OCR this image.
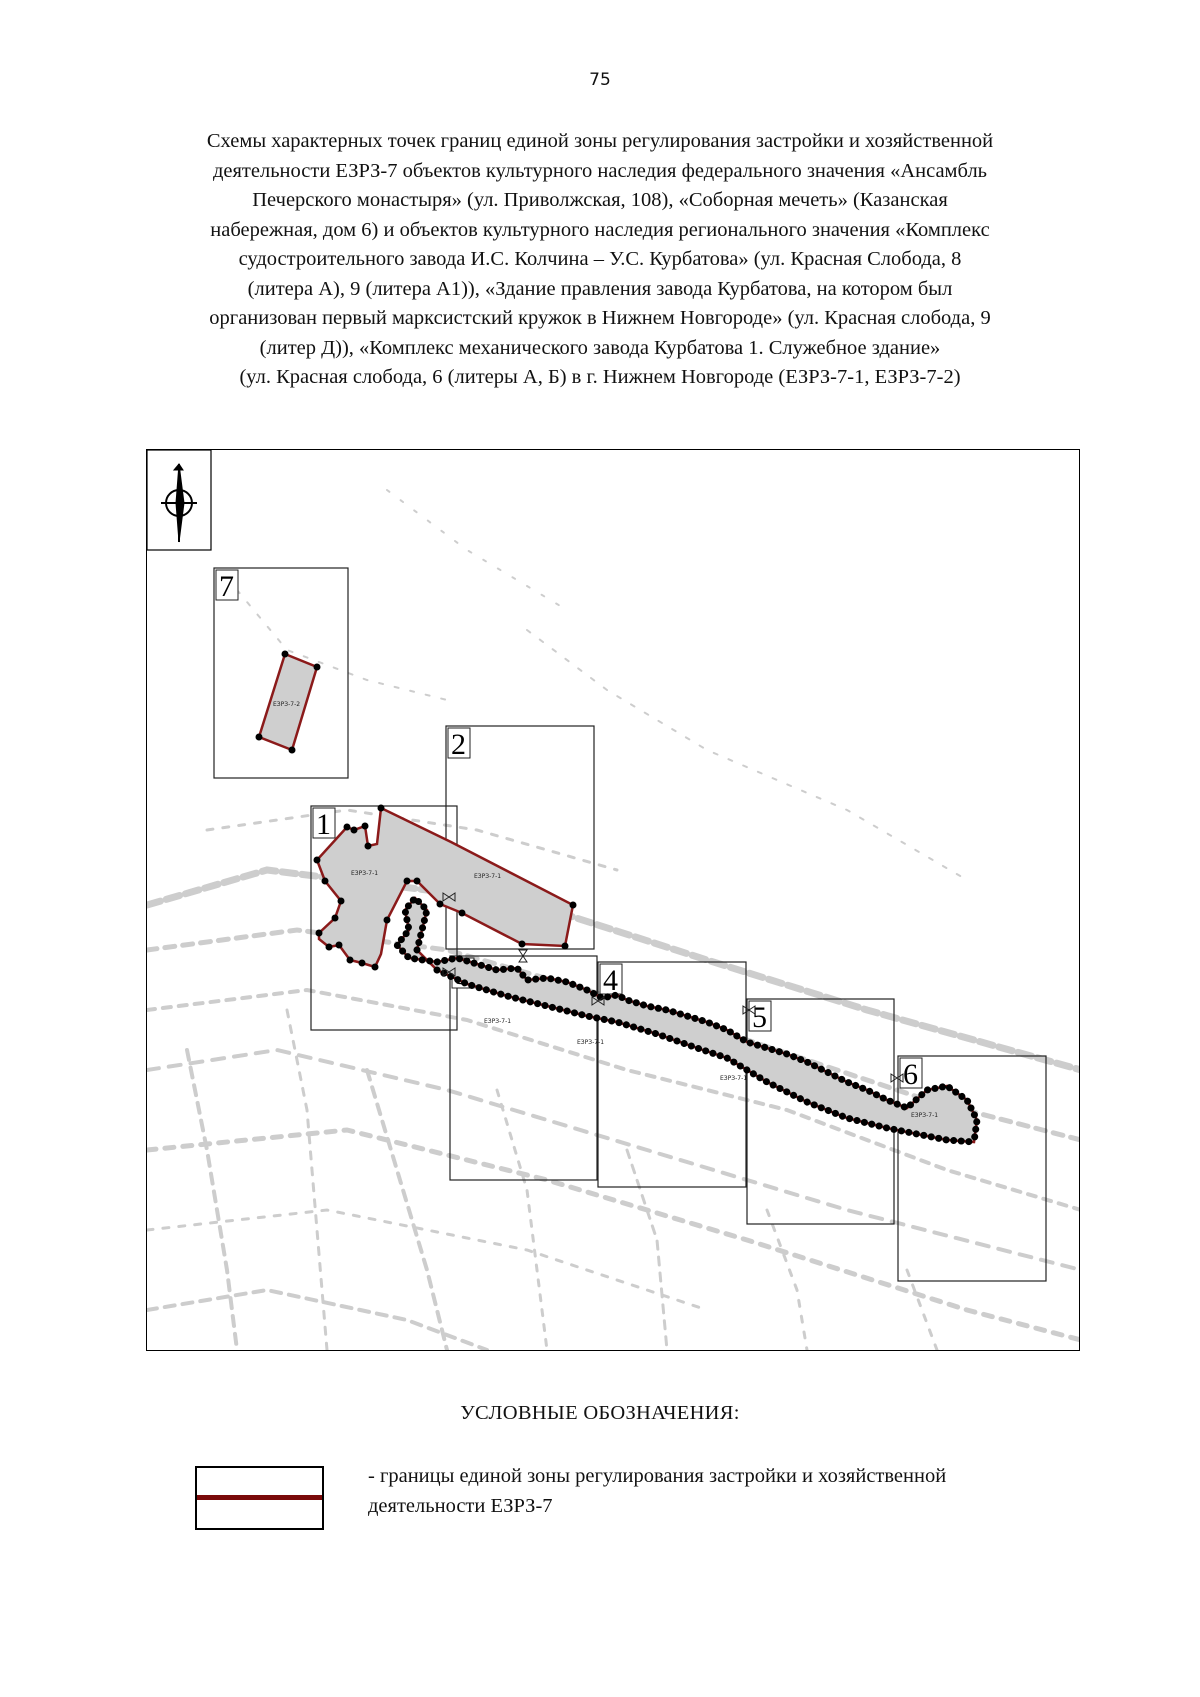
75
Схемы характерных точек границ единой зоны регулирования застройки и хозяйственной
деятельности ЕЗРЗ-7 объектов культурного наследия федерального значения «Ансамбль
Печерского монастыря» (ул. Приволжская, 108), «Соборная мечеть» (Казанская
набережная, дом 6) и объектов культурного наследия регионального значения «Комплекс
судостроительного завода И.С. Колчина – У.С. Курбатова» (ул. Красная Слобода, 8
(литера А), 9 (литера А1)), «Здание правления завода Курбатова, на котором был
организован первый марксистский кружок в Нижнем Новгороде» (ул. Красная слобода, 9
(литер Д)), «Комплекс механического завода Курбатова 1. Служебное здание»
(ул. Красная слобода, 6 (литеры А, Б) в г. Нижнем Новгороде (ЕЗРЗ-7-1, ЕЗРЗ-7-2)
7
2
1
4
5
6
ЕЗРЗ-7-2
ЕЗРЗ-7-1	ЕЗРЗ-7-1
ЕЗРЗ-7-1
ЕЗРЗ-7-1
ЕЗРЗ-7-1
ЕЗРЗ-7-1
УСЛОВНЫЕ ОБОЗНАЧЕНИЯ:
- границы единой зоны регулирования застройки и хозяйственной деятельности ЕЗРЗ-7
